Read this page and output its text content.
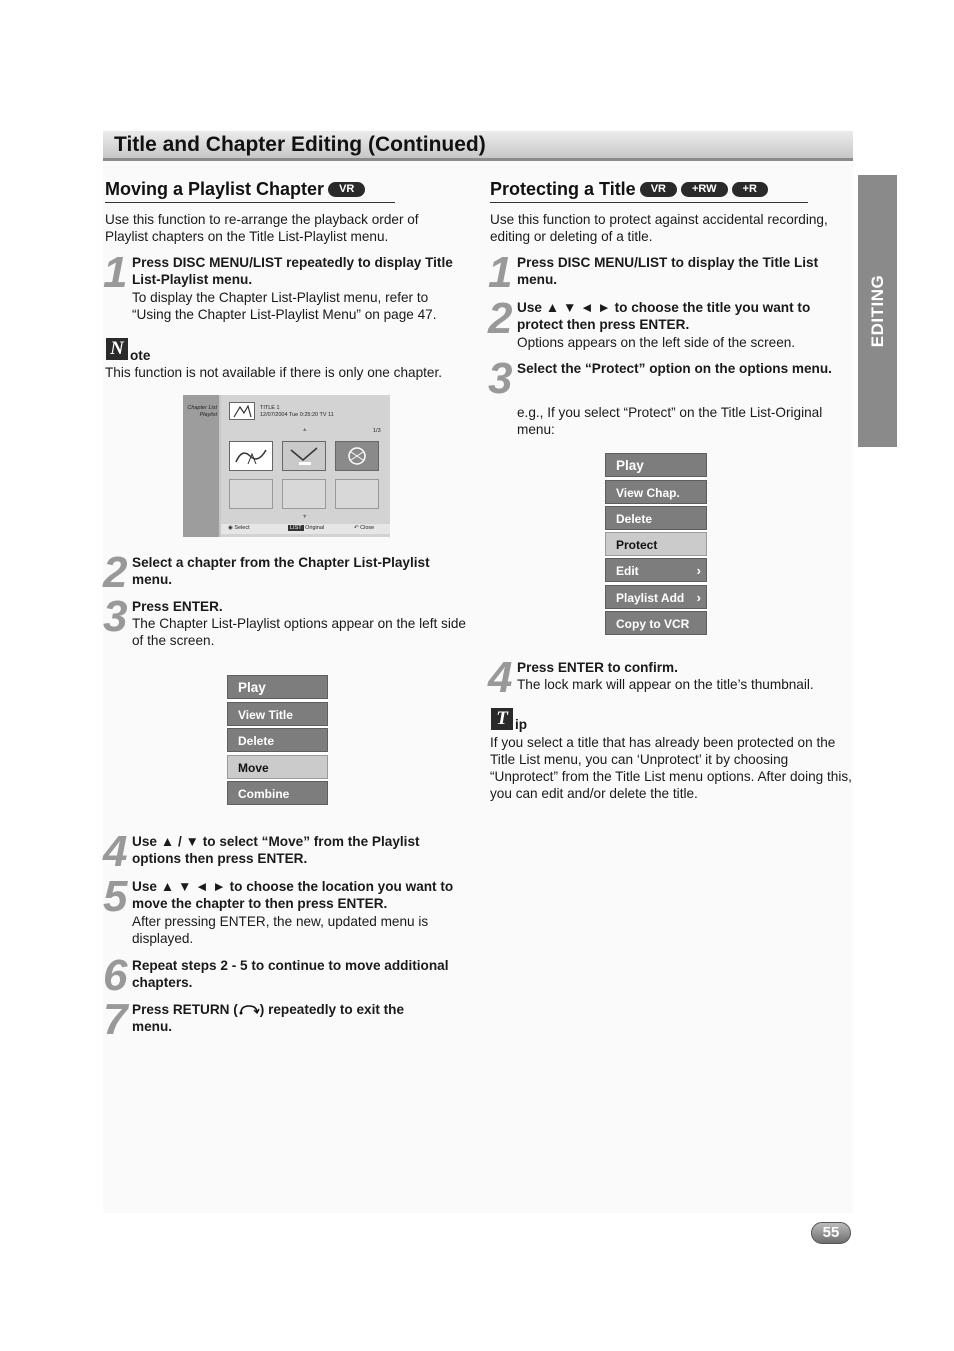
Title and Chapter Editing (Continued)
EDITING
Moving a Playlist Chapter VR
Use this function to re-arrange the playback order of Playlist chapters on the Title List-Playlist menu.
1 Press DISC MENU/LIST repeatedly to display Title List-Playlist menu.
To display the Chapter List-Playlist menu, refer to “Using the Chapter List-Playlist Menu” on page 47.
N ote
This function is not available if there is only one chapter.
Chapter List
Playlist
TITLE 1
12/07/2004 Tue 0:25:20 TV 11
▲	1/3
▼
◉ Select	LIST Original	↶ Close
2 Select a chapter from the Chapter List-Playlist menu.
3 Press ENTER.
The Chapter List-Playlist options appear on the left side of the screen.
Play
View Title
Delete
Move
Combine
4 Use ▲ / ▼ to select “Move” from the Playlist options then press ENTER.
5 Use ▲ ▼ ◄ ► to choose the location you want to move the chapter to then press ENTER.
After pressing ENTER, the new, updated menu is displayed.
6 Repeat steps 2 - 5 to continue to move additional chapters.
7 Press RETURN ( ) repeatedly to exit the menu.
Protecting a Title VR +RW +R
Use this function to protect against accidental recording, editing or deleting of a title.
1 Press DISC MENU/LIST to display the Title List menu.
2 Use ▲ ▼ ◄ ► to choose the title you want to protect then press ENTER.
Options appears on the left side of the screen.
3 Select the “Protect” option on the options menu.
e.g., If you select “Protect” on the Title List-Original menu:
Play
View Chap.
Delete
Protect
Edit	›
Playlist Add ›
Copy to VCR
4 Press ENTER to confirm.
The lock mark will appear on the title’s thumbnail.
T ip
If you select a title that has already been protected on the Title List menu, you can ‘Unprotect’ it by choosing “Unprotect” from the Title List menu options. After doing this, you can edit and/or delete the title.
55
